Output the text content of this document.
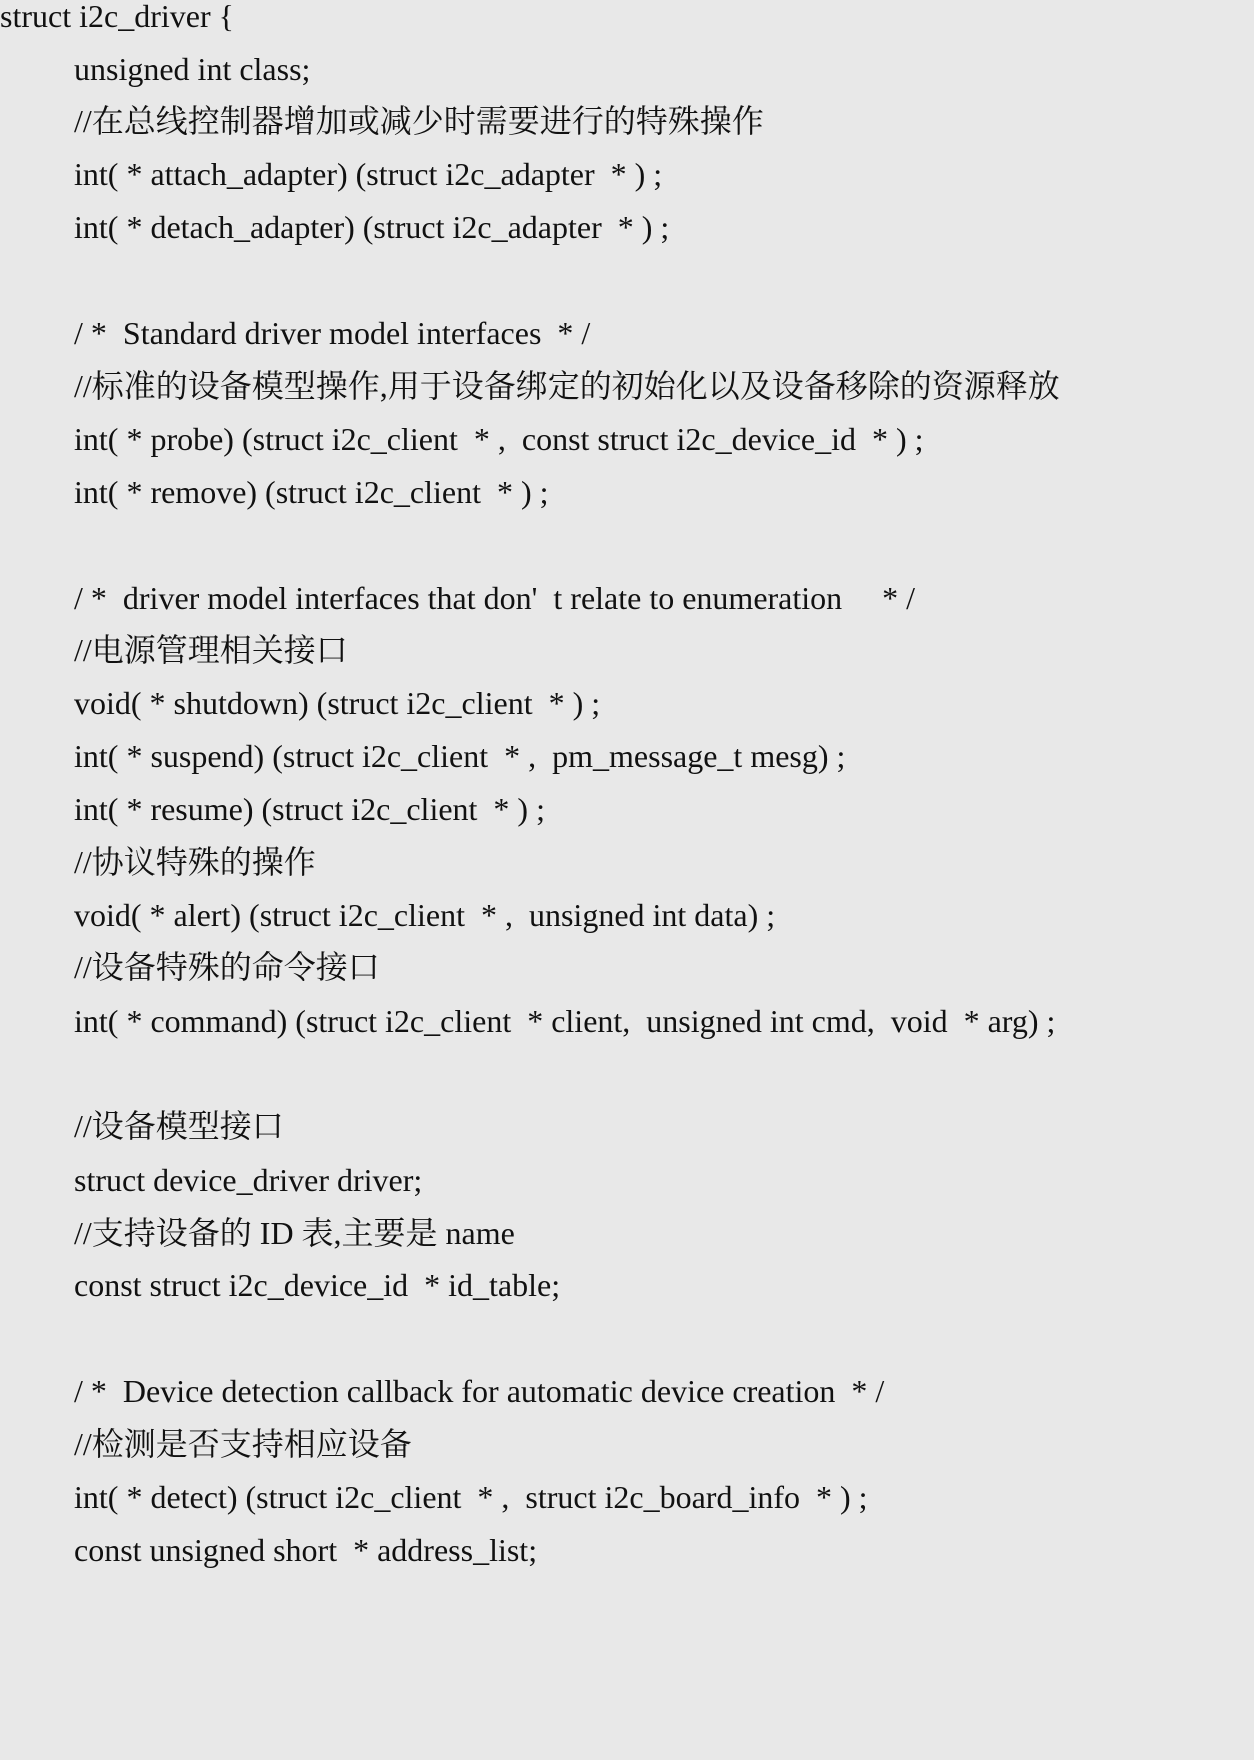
struct i2c_driver {
unsigned int class;
//在总线控制器增加或减少时需要进行的特殊操作
int( * attach_adapter) (struct i2c_adapter  * ) ;
int( * detach_adapter) (struct i2c_adapter  * ) ;
/ *  Standard driver model interfaces  * /
//标准的设备模型操作,用于设备绑定的初始化以及设备移除的资源释放
int( * probe) (struct i2c_client  * ,  const struct i2c_device_id  * ) ;
int( * remove) (struct i2c_client  * ) ;
/ *  driver model interfaces that don'  t relate to enumeration     * /
//电源管理相关接口
void( * shutdown) (struct i2c_client  * ) ;
int( * suspend) (struct i2c_client  * ,  pm_message_t mesg) ;
int( * resume) (struct i2c_client  * ) ;
//协议特殊的操作
void( * alert) (struct i2c_client  * ,  unsigned int data) ;
//设备特殊的命令接口
int( * command) (struct i2c_client  * client,  unsigned int cmd,  void  * arg) ;
//设备模型接口
struct device_driver driver;
//支持设备的 ID 表,主要是 name
const struct i2c_device_id  * id_table;
/ *  Device detection callback for automatic device creation  * /
//检测是否支持相应设备
int( * detect) (struct i2c_client  * ,  struct i2c_board_info  * ) ;
const unsigned short  * address_list;
